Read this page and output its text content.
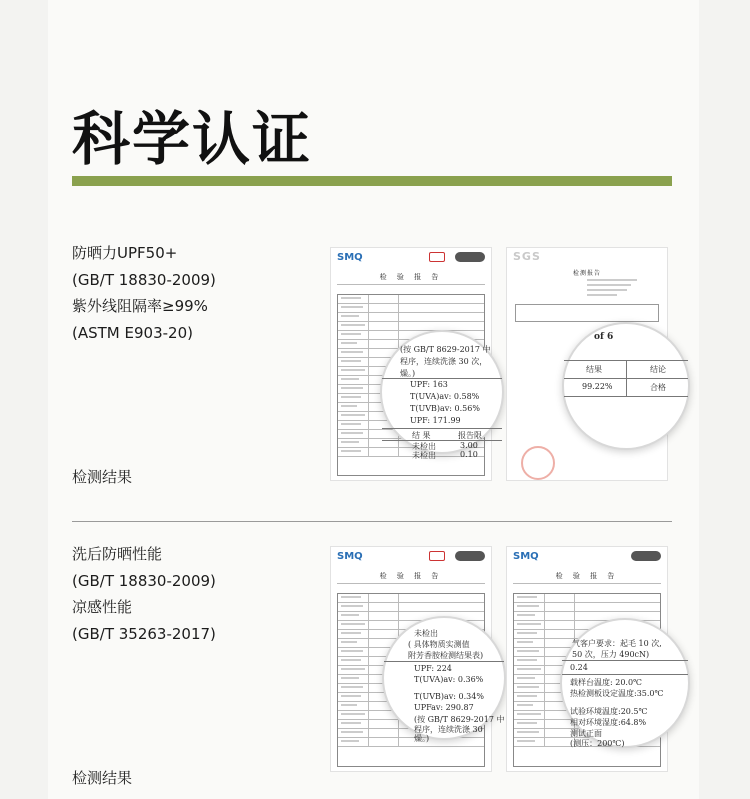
科学认证
防晒力UPF50+
(GB/T 18830-2009)
紫外线阻隔率≥99%
(ASTM E903-20)
检测结果
SMQ
检 验 报 告
(按 GB/T 8629-2017 中
程序，连续洗涤 30 次，
燥。)
UPF: 163
T(UVA)av: 0.58%
T(UVB)av: 0.56%
UPF: 171.99
结 果	报告限
未检出	3.00
未检出	0.10
SGS
检测报告
of 6
结果	结论
99.22%	合格
洗后防晒性能
(GB/T 18830-2009)
凉感性能
(GB/T 35263-2017)
检测结果
SMQ
检 验 报 告
未检出
( 具体物质实测值
附芳香胺检测结果表)
UPF: 224
T(UVA)av: 0.36%
T(UVB)av: 0.34%
UPFav: 290.87
(按 GB/T 8629-2017 中
程序，连续洗涤 30
燥。)
SMQ
检 验 报 告
气客户要求：起毛 10 次,
50 次，压力 490cN)
0.24
载样台温度: 20.0℃
热检测板设定温度:35.0℃
试验环境温度:20.5℃
相对环境湿度:64.8%
测试正面
(测压：200℃)
